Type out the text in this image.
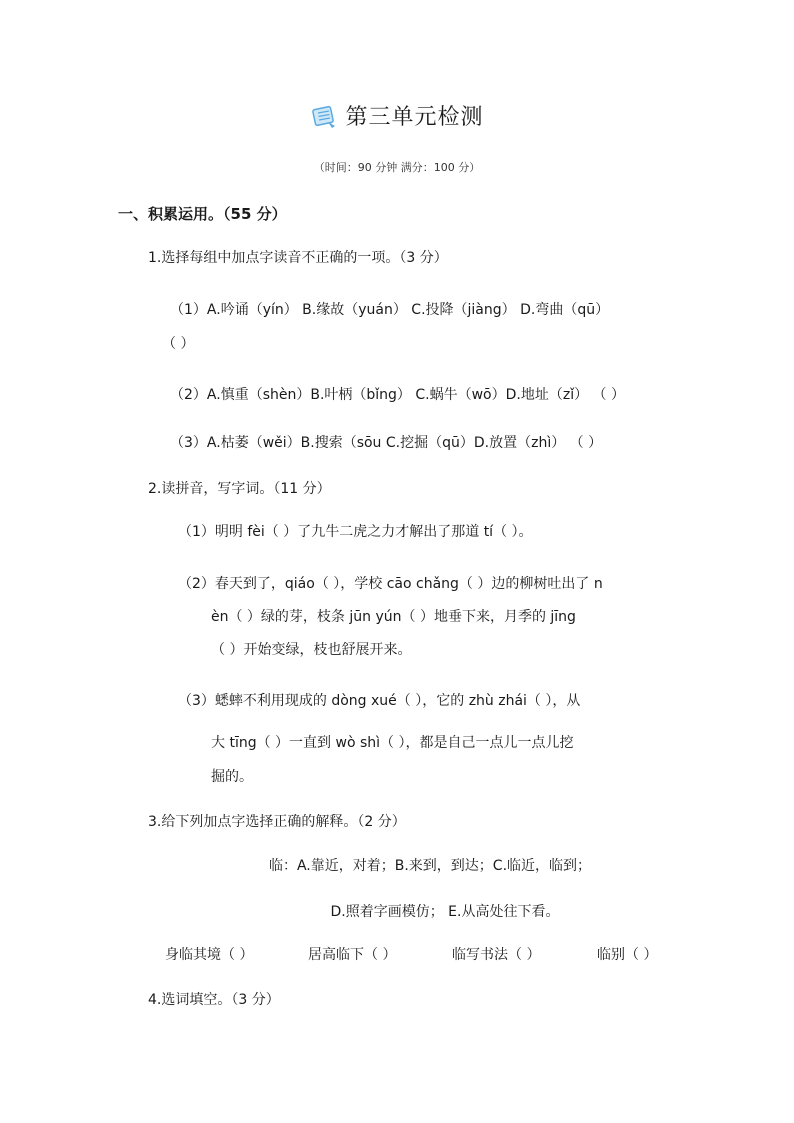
第三单元检测
（时间：90 分钟 满分：100 分）
一、积累运用。（55 分）
1.选择每组中加点字读音不正确的一项。（3 分）
（1）A.吟诵（yín） B.缘故（yuán） C.投降（jiàng） D.弯曲（qū）
（ ）
（2）A.慎重（shèn）B.叶柄（bǐng） C.蜗牛（wō）D.地址（zǐ） （ ）
（3）A.枯萎（wěi）B.搜索（sōu C.挖掘（qū）D.放置（zhì） （ ）
2.读拼音，写字词。（11 分）
（1）明明 fèi（ ）了九牛二虎之力才解出了那道 tí（ ）。
（2）春天到了，qiáo（ ），学校 cāo chǎng（ ）边的柳树吐出了 n
èn（ ）绿的芽，枝条 jūn yún（ ）地垂下来，月季的 jīng
（ ）开始变绿，枝也舒展开来。
（3）蟋蟀不利用现成的 dòng xué（ ），它的 zhù zhái（ ），从
大 tīng（ ）一直到 wò shì（ ），都是自己一点儿一点儿挖
掘的。
3.给下列加点字选择正确的解释。（2 分）
临：A.靠近，对着；B.来到，到达；C.临近，临到；
D.照着字画模仿； E.从高处往下看。
身临其境（ ）	居高临下（ ）	临写书法（ ）	临别（ ）
4.选词填空。（3 分）
